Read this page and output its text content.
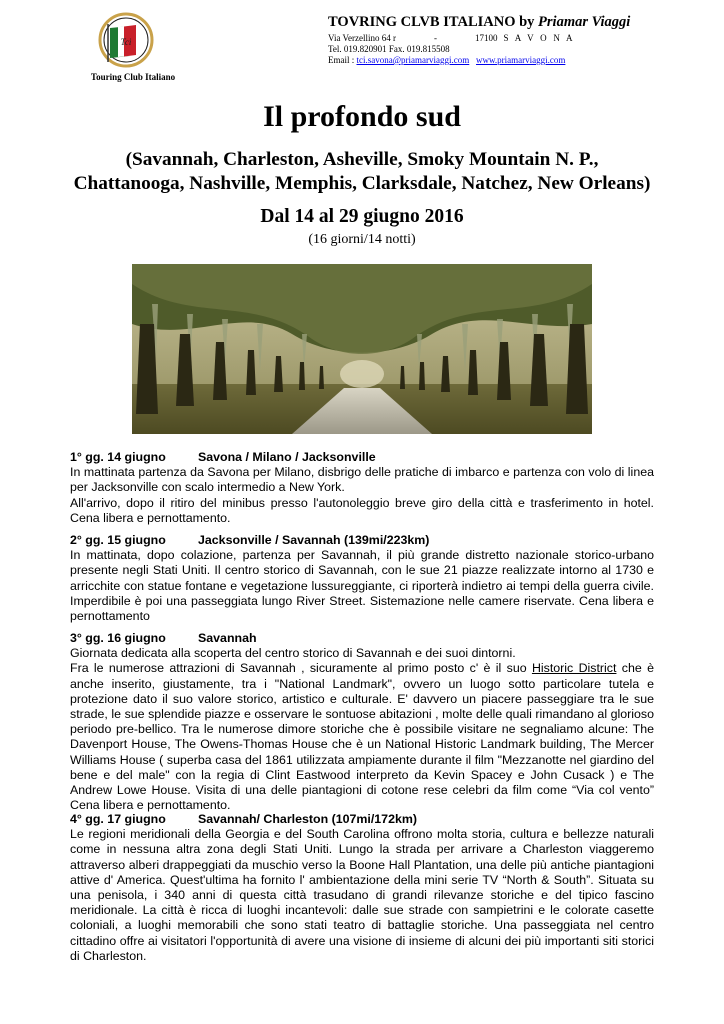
Tci
Touring Club Italiano
TOVRING CLVB ITALIANO by Priamar Viaggi
Via Verzellino 64 r	-	17100 S A V O N A
Tel. 019.820901 Fax. 019.815508
Email : tci.savona@priamarviaggi.com www.priamarviaggi.com
Il profondo sud
(Savannah, Charleston, Asheville, Smoky Mountain N. P.,
Chattanooga, Nashville, Memphis, Clarksdale, Natchez, New Orleans)
Dal 14 al 29 giugno 2016
(16 giorni/14 notti)
1° gg. 14 giugno	Savona / Milano / Jacksonville

In mattinata partenza da Savona per Milano, disbrigo delle pratiche di imbarco e partenza con volo di linea per Jacksonville con scalo intermedio a New York.

All'arrivo, dopo il ritiro del minibus presso l'autonoleggio breve giro della città e trasferimento in hotel. Cena libera e pernottamento.

2° gg. 15 giugno	Jacksonville / Savannah (139mi/223km)

In mattinata, dopo colazione, partenza per Savannah, il più grande distretto nazionale storico-urbano presente negli Stati Uniti. Il centro storico di Savannah, con le sue 21 piazze realizzate intorno al 1730 e arricchite con statue fontane e vegetazione lussureggiante, ci riporterà indietro ai tempi della guerra civile. Imperdibile è poi una passeggiata lungo River Street. Sistemazione nelle camere riservate. Cena libera e pernottamento

3° gg. 16 giugno	Savannah

Giornata dedicata alla scoperta del centro storico di Savannah e dei suoi dintorni.

Fra le numerose attrazioni di Savannah , sicuramente al primo posto c' è il suo Historic District che è anche inserito, giustamente, tra i "National Landmark", ovvero un luogo sotto particolare tutela e protezione dato il suo valore storico, artistico e culturale. E' davvero un piacere passeggiare tra le sue strade, le sue splendide piazze e osservare le sontuose abitazioni , molte delle quali rimandano al glorioso periodo pre-bellico. Tra le numerose dimore storiche che è possibile visitare ne segnaliamo alcune: The Davenport House, The Owens-Thomas House che è un National Historic Landmark building, The Mercer Williams House ( superba casa del 1861 utilizzata ampiamente durante il film "Mezzanotte nel giardino del bene e del male" con la regia di Clint Eastwood interpreto da Kevin Spacey e John Cusack ) e The Andrew Lowe House. Visita di una delle piantagioni di cotone rese celebri da film come “Via col vento” Cena libera e pernottamento.

4° gg. 17 giugno	Savannah/ Charleston (107mi/172km)

Le regioni meridionali della Georgia e del South Carolina offrono molta storia, cultura e bellezze naturali come in nessuna altra zona degli Stati Uniti. Lungo la strada per arrivare a Charleston viaggeremo attraverso alberi drappeggiati da muschio verso la Boone Hall Plantation, una delle più antiche piantagioni attive d' America. Quest'ultima ha fornito l' ambientazione della mini serie TV “North & South”. Situata su una penisola, i 340 anni di questa città trasudano di grandi rilevanze storiche e del tipico fascino meridionale. La città è ricca di luoghi incantevoli: dalle sue strade con sampietrini e le colorate casette coloniali, a luoghi memorabili che sono stati teatro di battaglie storiche. Una passeggiata nel centro cittadino offre ai visitatori l'opportunità di avere una visione di insieme di alcuni dei più importanti siti storici di Charleston.
